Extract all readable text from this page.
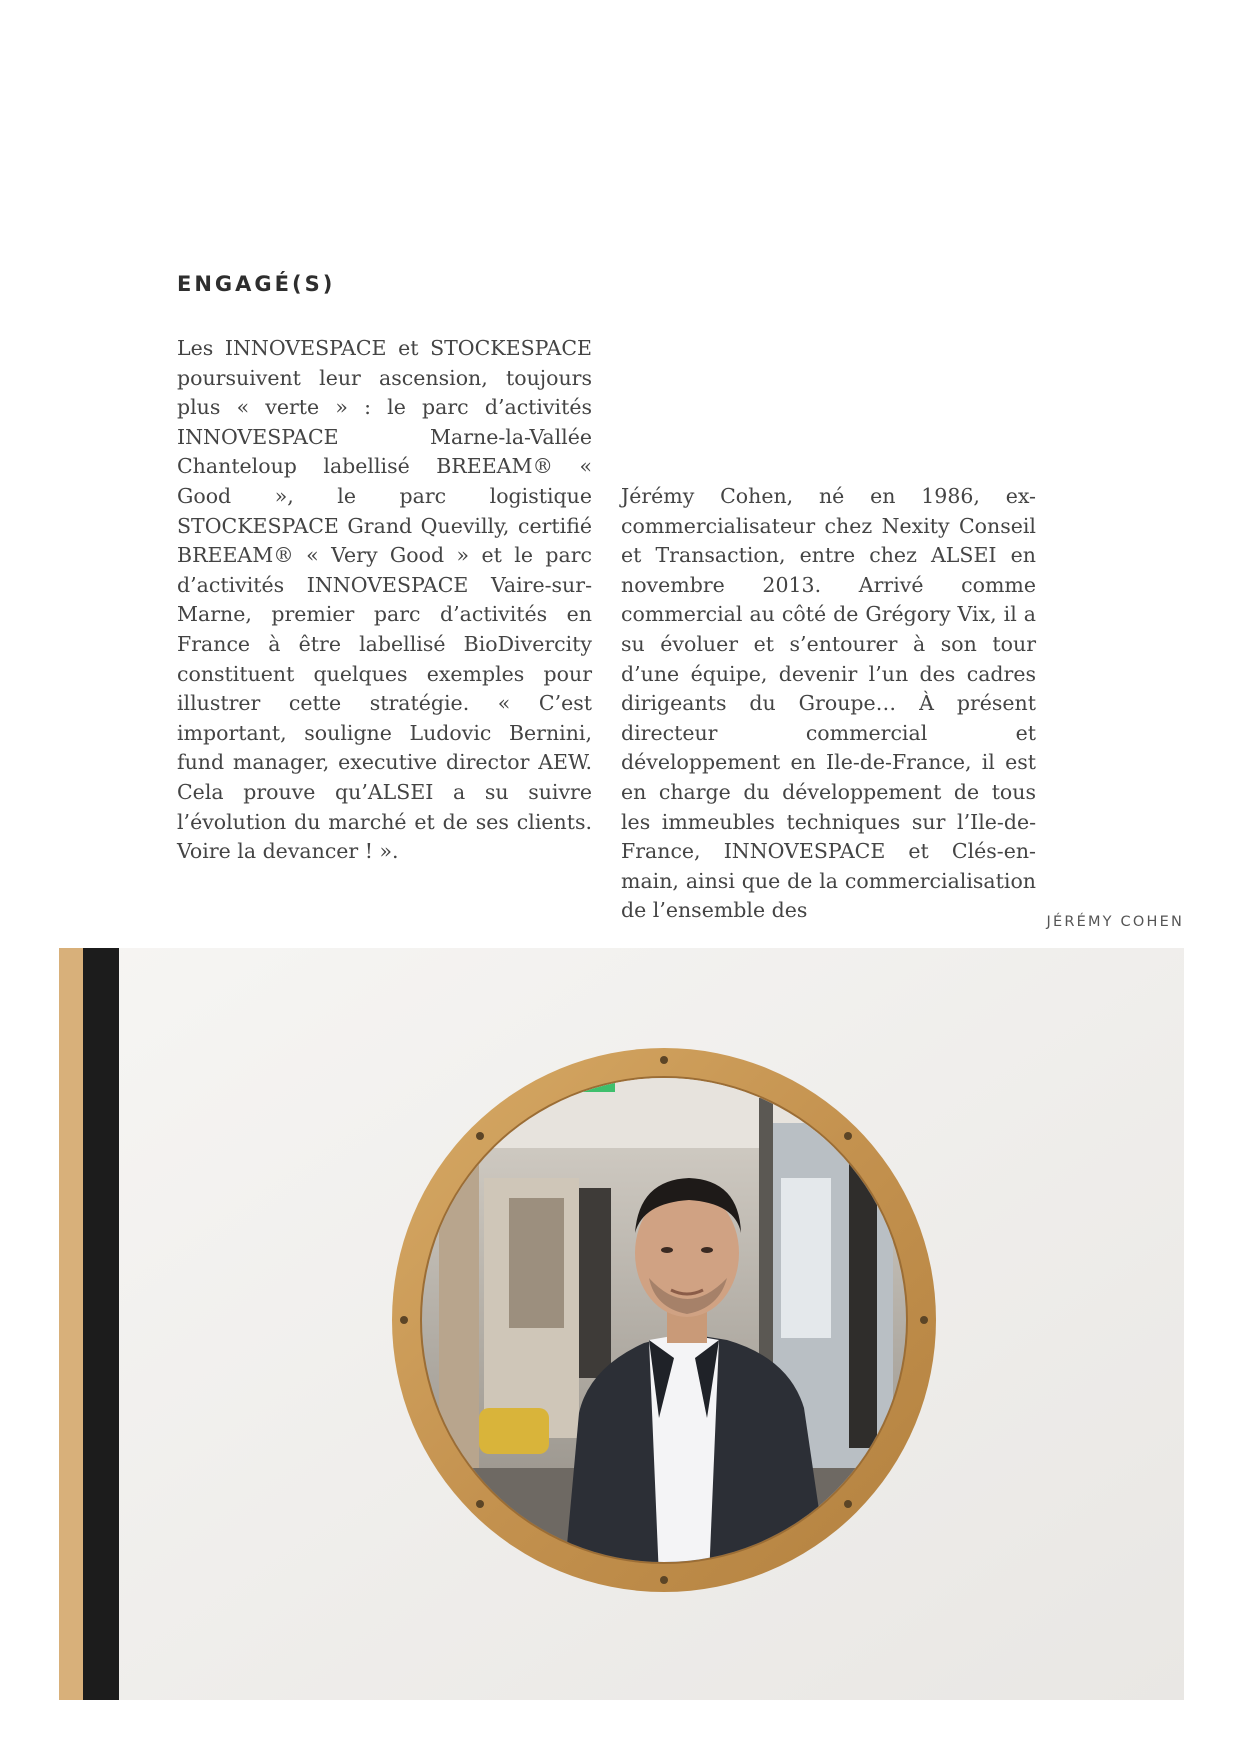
ENGAGÉ(S)

Les INNOVESPACE et STOCKESPACE poursuivent leur ascension, toujours plus « verte » : le parc d’activités INNOVESPACE Marne-la-Vallée Chanteloup labellisé BREEAM® « Good », le parc logistique STOCKESPACE Grand Quevilly, certifié BREEAM® « Very Good » et le parc d’activités INNOVESPACE Vaire-sur-Marne, premier parc d’activités en France à être labellisé BioDivercity constituent quelques exemples pour illustrer cette stratégie. « C’est important, souligne Ludovic Bernini, fund manager, executive director AEW. Cela prouve qu’ALSEI a su suivre l’évolution du marché et de ses clients. Voire la devancer ! ».

Jérémy Cohen, né en 1986, ex-commercialisateur chez Nexity Conseil et Transaction, entre chez ALSEI en novembre 2013. Arrivé comme commercial au côté de Grégory Vix, il a su évoluer et s’entourer à son tour d’une équipe, devenir l’un des cadres dirigeants du Groupe… À présent directeur commercial et développement en Ile-de-France, il est en charge du développement de tous les immeubles techniques sur l’Ile-de-France, INNOVESPACE et Clés-en-main, ainsi que de la commercialisation de l’ensemble des	JÉRÉMY COHEN
